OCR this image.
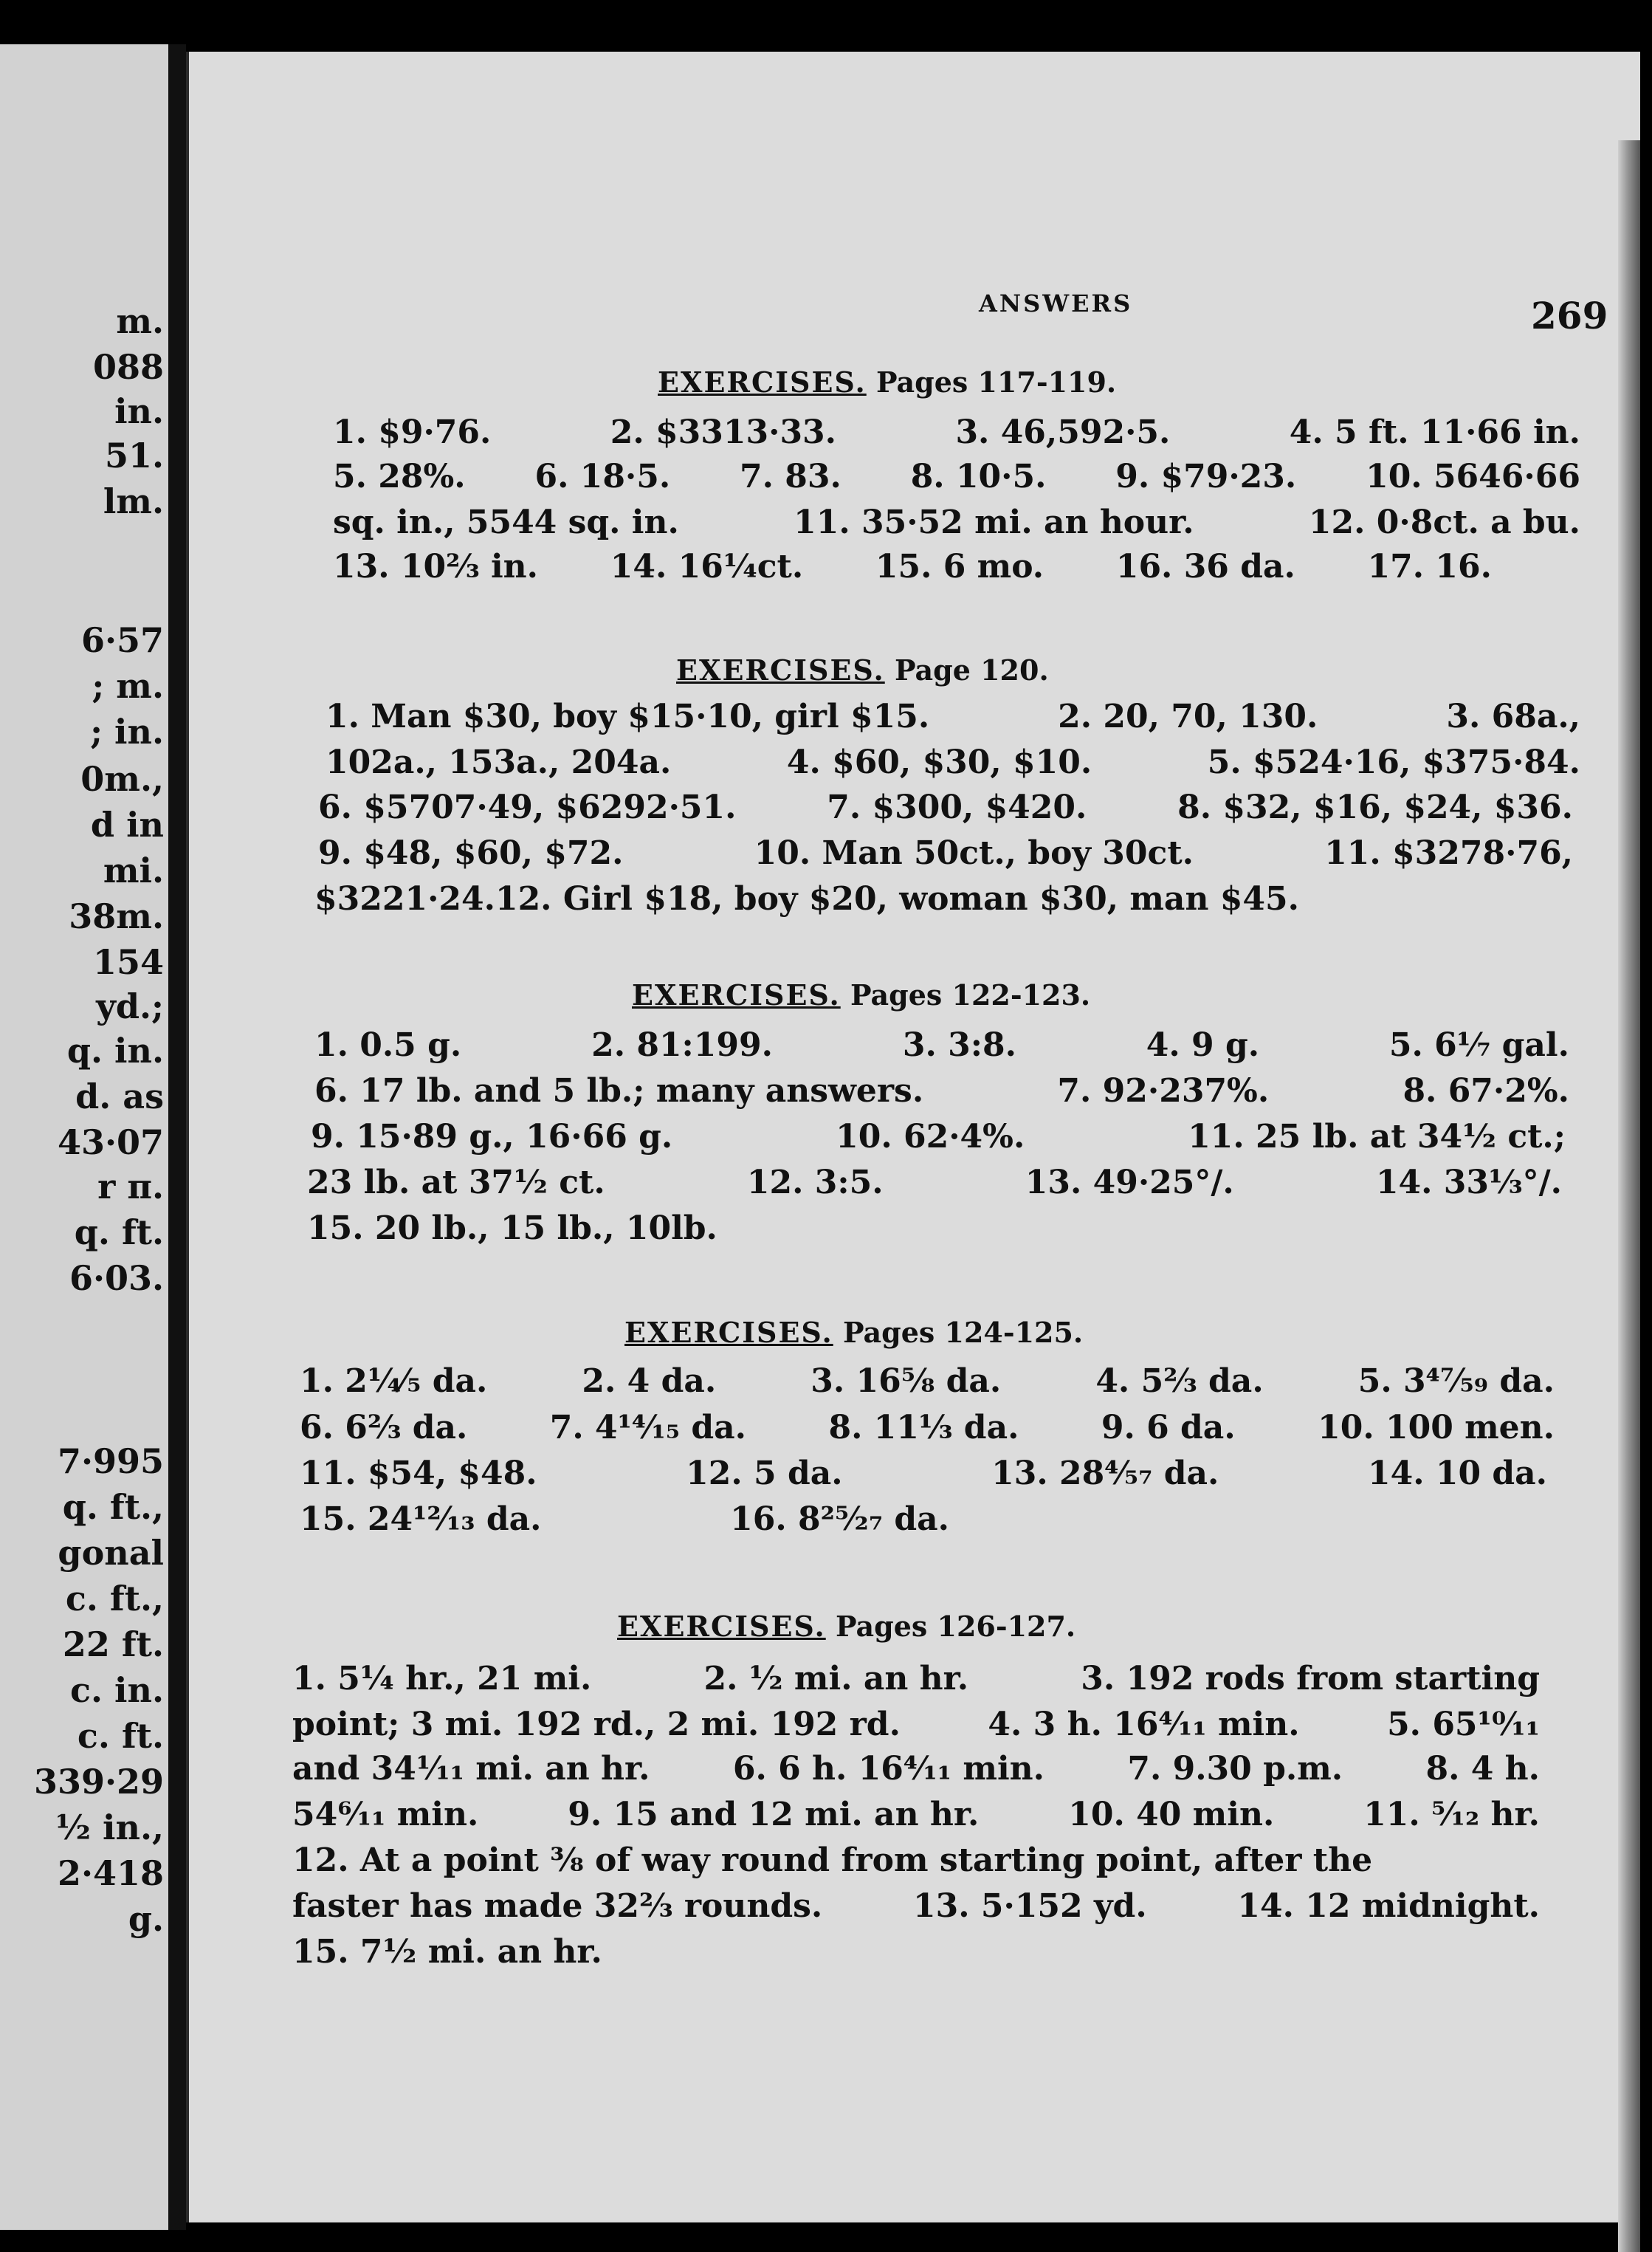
m.
088
in.
51.
lm.
6·57
; m.
; in.
0m.,
d in
mi.
38m.
154
yd.;
q. in.
d. as
43·07
r π.
q. ft.
6·03.
7·995
q. ft.,
gonal
c. ft.,
22 ft.
c. in.
c. ft.
339·29
½ in.,
2·418
g.
ANSWERS	269
EXERCISES. Pages 117-119.
1. $9·76.	2. $3313·33.	3. 46,592·5.	4. 5 ft. 11·66 in.
5. 28%. 6. 18·5. 7. 83. 8. 10·5. 9. $79·23. 10. 5646·66
sq. in., 5544 sq. in.	11. 35·52 mi. an hour.	12. 0·8ct. a bu.
13. 10⅔ in. 14. 16¼ct. 15. 6 mo. 16. 36 da. 17. 16.
EXERCISES. Page 120.
1. Man $30, boy $15·10, girl $15.	2. 20, 70, 130.	3. 68a.,
102a., 153a., 204a.	4. $60, $30, $10.	5. $524·16, $375·84.
6. $5707·49, $6292·51.	7. $300, $420.	8. $32, $16, $24, $36.
9. $48, $60, $72.	10. Man 50ct., boy 30ct.	11. $3278·76,
$3221·24. 12. Girl $18, boy $20, woman $30, man $45.
EXERCISES. Pages 122-123.
1. 0.5 g.	2. 81:199.	3. 3:8.	4. 9 g.	5. 6⅐ gal.
6. 17 lb. and 5 lb.; many answers.	7. 92·237%.	8. 67·2%.
9. 15·89 g., 16·66 g.	10. 62·4%.	11. 25 lb. at 34½ ct.;
23 lb. at 37½ ct.	12. 3:5.	13. 49·25°/.	14. 33⅓°/.
15. 20 lb., 15 lb., 10lb.
EXERCISES. Pages 124-125.
1. 2¼⁄₅ da.	2. 4 da.	3. 16⅝ da.	4. 5⅔ da.	5. 3⁴⁷⁄₅₉ da.
6. 6⅔ da.	7. 4¹⁴⁄₁₅ da.	8. 11⅓ da.	9. 6 da.	10. 100 men.
11. $54, $48.	12. 5 da.	13. 28⁴⁄₅₇ da.	14. 10 da.
15. 24¹²⁄₁₃ da.	16. 8²⁵⁄₂₇ da.
EXERCISES. Pages 126-127.
1. 5¼ hr., 21 mi.	2. ½ mi. an hr.	3. 192 rods from starting
point; 3 mi. 192 rd., 2 mi. 192 rd.	4. 3 h. 16⁴⁄₁₁ min.	5. 65¹⁰⁄₁₁
and 34¹⁄₁₁ mi. an hr.	6. 6 h. 16⁴⁄₁₁ min.	7. 9.30 p.m.	8. 4 h.
54⁶⁄₁₁ min.	9. 15 and 12 mi. an hr.	10. 40 min.	11. ⁵⁄₁₂ hr.
12. At a point ⅜ of way round from starting point, after the
faster has made 32⅔ rounds.	13. 5·152 yd.	14. 12 midnight.
15. 7½ mi. an hr.
